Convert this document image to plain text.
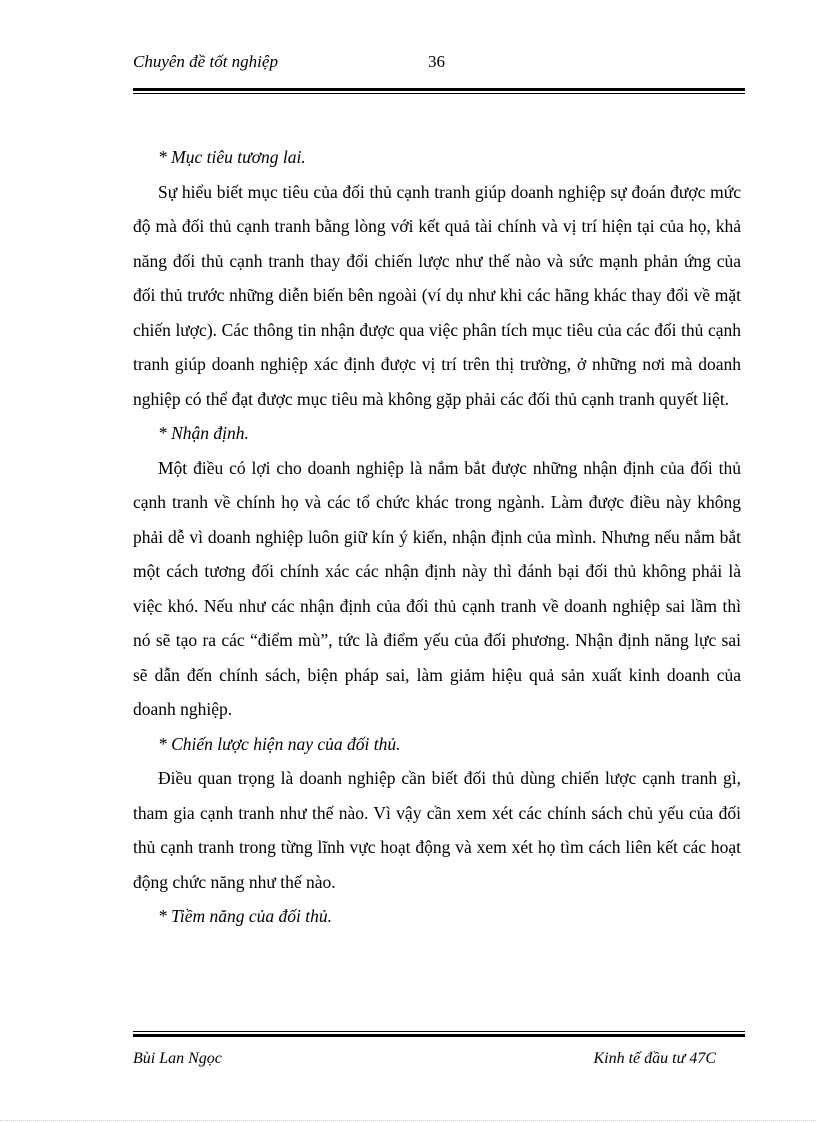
Chuyên đề tốt nghiệp	36

* Mục tiêu tương lai.

Sự hiểu biết mục tiêu của đối thủ cạnh tranh giúp doanh nghiệp sự đoán được mức độ mà đối thủ cạnh tranh bằng lòng với kết quả tài chính và vị trí hiện tại của họ, khả năng đối thủ cạnh tranh thay đổi chiến lược như thế nào và sức mạnh phản ứng của đối thủ trước những diễn biến bên ngoài (ví dụ như khi các hãng khác thay đổi về mặt chiến lược). Các thông tin nhận được qua việc phân tích mục tiêu của các đối thủ cạnh tranh giúp doanh nghiệp xác định được vị trí trên thị trường, ở những nơi mà doanh nghiệp có thể đạt được mục tiêu mà không gặp phải các đối thủ cạnh tranh quyết liệt.

* Nhận định.

Một điều có lợi cho doanh nghiệp là nắm bắt được những nhận định của đối thủ cạnh tranh về chính họ và các tổ chức khác trong ngành. Làm được điều này không phải dễ vì doanh nghiệp luôn giữ kín ý kiến, nhận định của mình. Nhưng nếu nắm bắt một cách tương đối chính xác các nhận định này thì đánh bại đối thủ không phải là việc khó. Nếu như các nhận định của đối thủ cạnh tranh về doanh nghiệp sai lầm thì nó sẽ tạo ra các “điểm mù”, tức là điểm yếu của đối phương. Nhận định năng lực sai sẽ dẫn đến chính sách, biện pháp sai, làm giảm hiệu quả sản xuất kinh doanh của doanh nghiệp.

* Chiến lược hiện nay của đối thủ.

Điều quan trọng là doanh nghiệp cần biết đối thủ dùng chiến lược cạnh tranh gì, tham gia cạnh tranh như thế nào. Vì vậy cần xem xét các chính sách chủ yếu của đối thủ cạnh tranh trong từng lĩnh vực hoạt động và xem xét họ tìm cách liên kết các hoạt động chức năng như thế nào.

* Tiềm năng của đối thủ.

Bùi Lan Ngọc	Kinh tế đầu tư 47C
